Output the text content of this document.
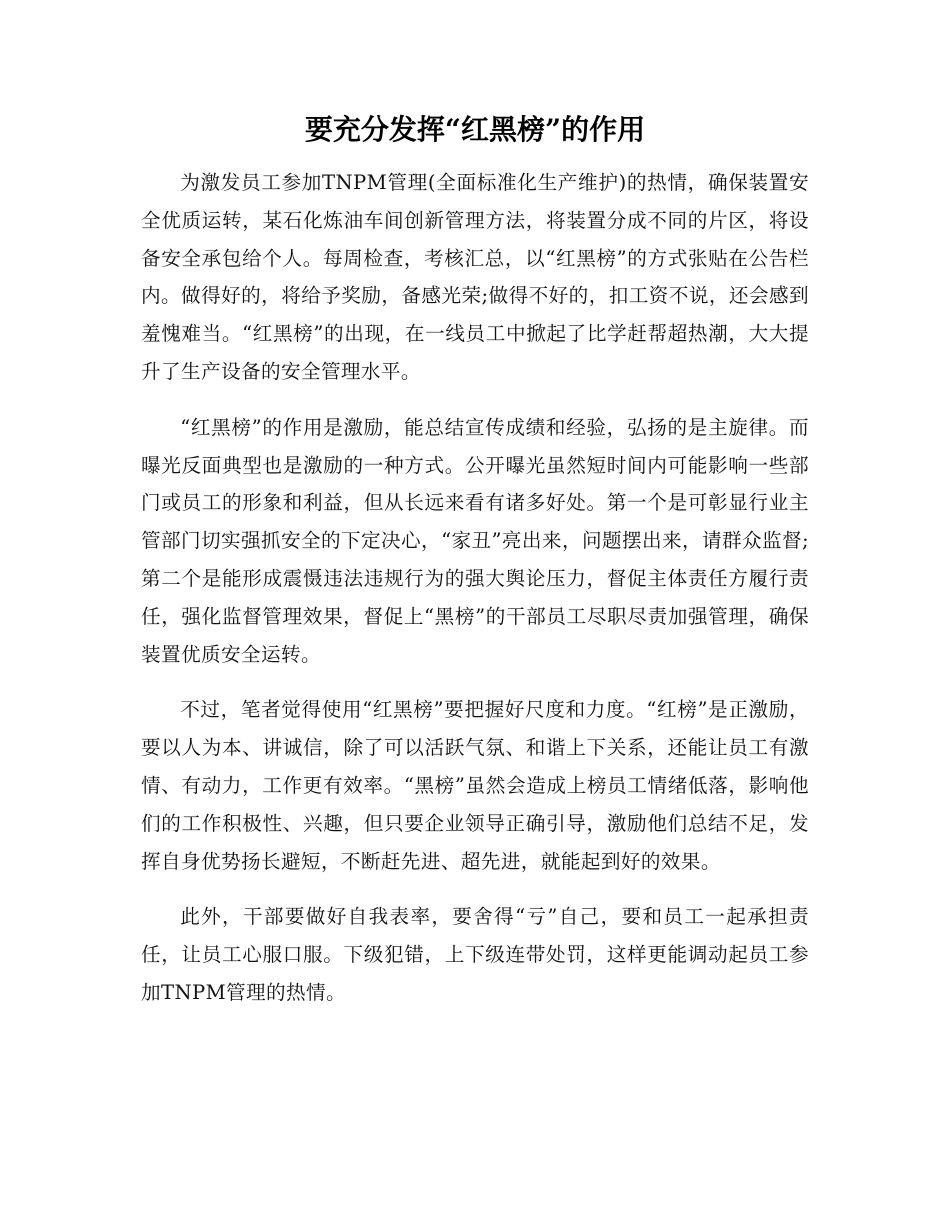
要充分发挥“红黑榜”的作用

为激发员工参加TNPM管理(全面标准化生产维护)的热情，确保装置安全优质运转，某石化炼油车间创新管理方法，将装置分成不同的片区，将设备安全承包给个人。每周检查，考核汇总，以“红黑榜”的方式张贴在公告栏内。做得好的，将给予奖励，备感光荣;做得不好的，扣工资不说，还会感到羞愧难当。“红黑榜”的出现，在一线员工中掀起了比学赶帮超热潮，大大提升了生产设备的安全管理水平。

“红黑榜”的作用是激励，能总结宣传成绩和经验，弘扬的是主旋律。而曝光反面典型也是激励的一种方式。公开曝光虽然短时间内可能影响一些部门或员工的形象和利益，但从长远来看有诸多好处。第一个是可彰显行业主管部门切实强抓安全的下定决心，“家丑”亮出来，问题摆出来，请群众监督;第二个是能形成震慑违法违规行为的强大舆论压力，督促主体责任方履行责任，强化监督管理效果，督促上“黑榜”的干部员工尽职尽责加强管理，确保装置优质安全运转。

不过，笔者觉得使用“红黑榜”要把握好尺度和力度。“红榜”是正激励，要以人为本、讲诚信，除了可以活跃气氛、和谐上下关系，还能让员工有激情、有动力，工作更有效率。“黑榜”虽然会造成上榜员工情绪低落，影响他们的工作积极性、兴趣，但只要企业领导正确引导，激励他们总结不足，发挥自身优势扬长避短，不断赶先进、超先进，就能起到好的效果。

此外，干部要做好自我表率，要舍得“亏”自己，要和员工一起承担责任，让员工心服口服。下级犯错，上下级连带处罚，这样更能调动起员工参加TNPM管理的热情。
